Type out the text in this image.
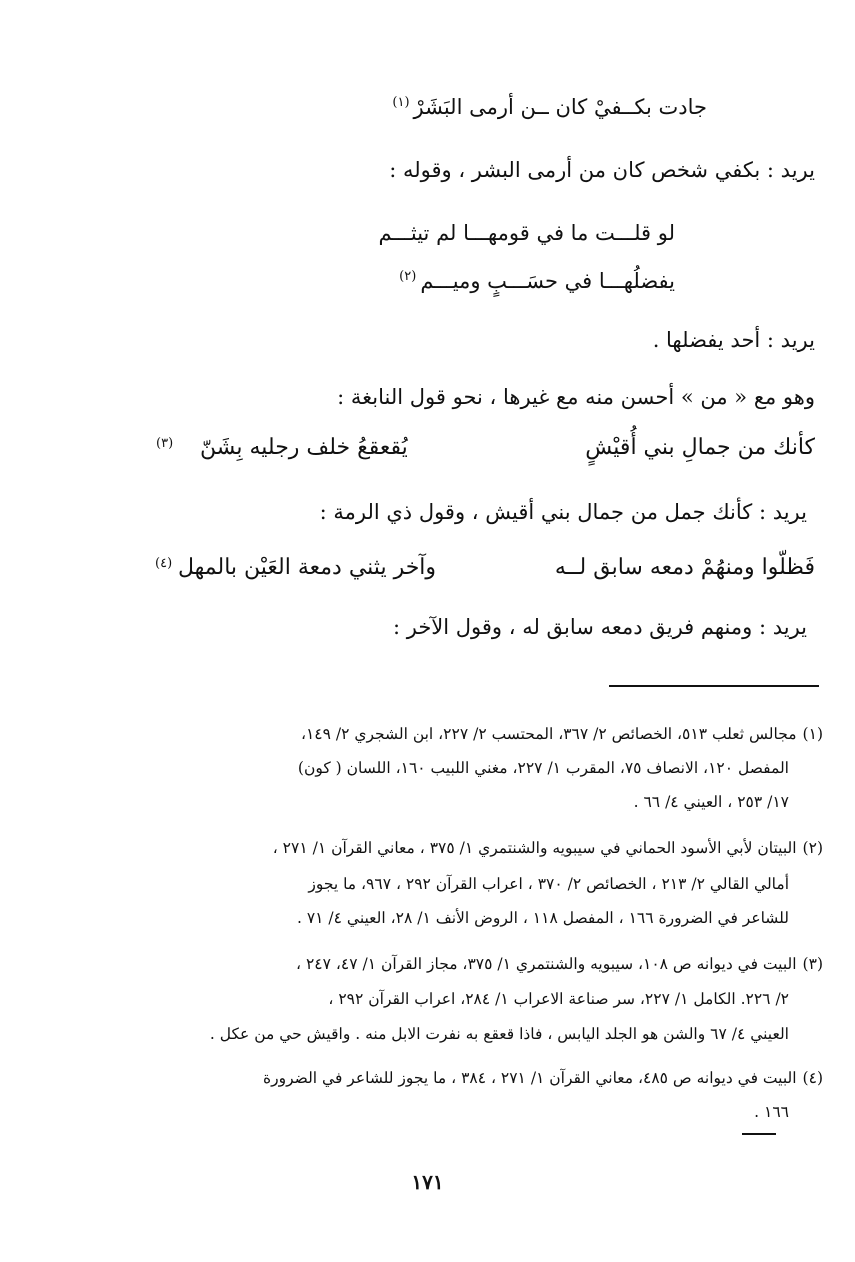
جادت بكــفيْ كان ــن أرمى البَشَرْ$^{(١)}$
يريد : بكفي شخص كان من أرمى البشر ، وقوله :
لو قلـــت ما في قومهـــا لم تيثـــم
يفضلُهـــا في حسَـــبٍ وميـــم$^{(٢)}$
يريد : أحد يفضلها .
وهو مع « من » أحسن منه مع غيرها ، نحو قول النابغة :
كأنك من جمالِ بني أُقيْشٍ
يُقعقعُ خلف رجليه بِشَنّ
(٣)
يريد : كأنك جمل من جمال بني أقيش ، وقول ذي الرمة :
فَظلّوا ومنهُمْ دمعه سابق لــه
وآخر يثني دمعة العَيْن بالمهل
(٤)
يريد : ومنهم فريق دمعه سابق له ، وقول الآخر :
(١)مجالس ثعلب ٥١٣، الخصائص ٢/ ٣٦٧، المحتسب ٢/ ٢٢٧، ابن الشجري ٢/ ١٤٩،
المفصل ١٢٠، الانصاف ٧٥، المقرب ١/ ٢٢٧، مغني اللبيب ١٦٠، اللسان ( كون)
١٧/ ٢٥٣ ، العيني ٤/ ٦٦ .
(٢)البيتان لأبي الأسود الحماني في سيبويه والشنتمري ١/ ٣٧٥ ، معاني القرآن ١/ ٢٧١ ،
أمالي القالي ٢/ ٢١٣ ، الخصائص ٢/ ٣٧٠ ، اعراب القرآن ٢٩٢ ، ٩٦٧، ما يجوز
للشاعر في الضرورة ١٦٦ ، المفصل ١١٨ ، الروض الأنف ١/ ٢٨، العيني ٤/ ٧١ .
(٣)البيت في ديوانه ص ١٠٨، سيبويه والشنتمري ١/ ٣٧٥، مجاز القرآن ١/ ٤٧، ٢٤٧ ،
٢/ ٢٢٦. الكامل ١/ ٢٢٧، سر صناعة الاعراب ١/ ٢٨٤، اعراب القرآن ٢٩٢ ،
العيني ٤/ ٦٧ والشن هو الجلد اليابس ، فاذا قعقع به نفرت الابل منه . واقيش حي من عكل .
(٤)البيت في ديوانه ص ٤٨٥، معاني القرآن ١/ ٢٧١ ، ٣٨٤ ، ما يجوز للشاعر في الضرورة
١٦٦ .
١٧١
